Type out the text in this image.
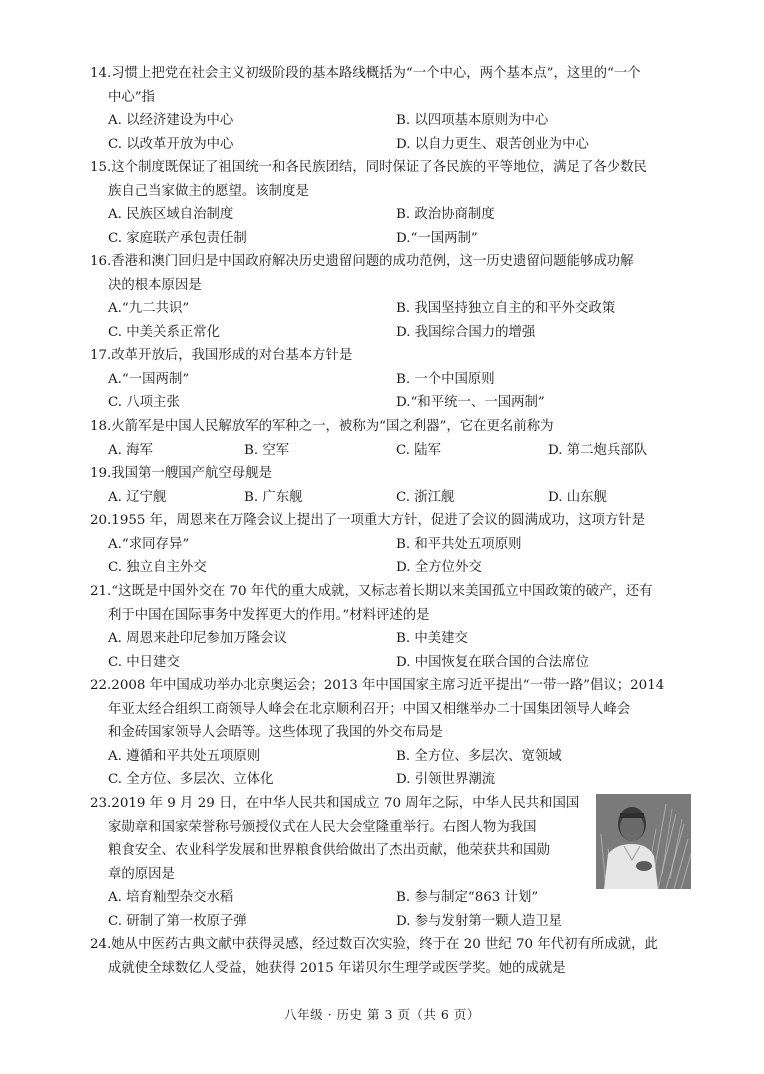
14.习惯上把党在社会主义初级阶段的基本路线概括为“一个中心，两个基本点”，这里的“一个
中心”指
A. 以经济建设为中心	B. 以四项基本原则为中心
C. 以改革开放为中心	D. 以自力更生、艰苦创业为中心
15.这个制度既保证了祖国统一和各民族团结，同时保证了各民族的平等地位，满足了各少数民
族自己当家做主的愿望。该制度是
A. 民族区域自治制度	B. 政治协商制度
C. 家庭联产承包责任制	D.“一国两制”
16.香港和澳门回归是中国政府解决历史遗留问题的成功范例，这一历史遗留问题能够成功解
决的根本原因是
A.“九二共识”	B. 我国坚持独立自主的和平外交政策
C. 中美关系正常化	D. 我国综合国力的增强
17.改革开放后，我国形成的对台基本方针是
A.“一国两制”	B. 一个中国原则
C. 八项主张	D.“和平统一、一国两制”
18.火箭军是中国人民解放军的军种之一，被称为“国之利器”，它在更名前称为
A. 海军	B. 空军	C. 陆军	D. 第二炮兵部队
19.我国第一艘国产航空母舰是
A. 辽宁舰	B. 广东舰	C. 浙江舰	D. 山东舰
20.1955 年，周恩来在万隆会议上提出了一项重大方针，促进了会议的圆满成功，这项方针是
A.“求同存异”	B. 和平共处五项原则
C. 独立自主外交	D. 全方位外交
21.“这既是中国外交在 70 年代的重大成就，又标志着长期以来美国孤立中国政策的破产，还有
利于中国在国际事务中发挥更大的作用。”材料评述的是
A. 周恩来赴印尼参加万隆会议	B. 中美建交
C. 中日建交	D. 中国恢复在联合国的合法席位
22.2008 年中国成功举办北京奥运会；2013 年中国国家主席习近平提出“一带一路”倡议；2014
年亚太经合组织工商领导人峰会在北京顺利召开；中国又相继举办二十国集团领导人峰会
和金砖国家领导人会晤等。这些体现了我国的外交布局是
A. 遵循和平共处五项原则	B. 全方位、多层次、宽领域
C. 全方位、多层次、立体化	D. 引领世界潮流
23.2019 年 9 月 29 日，在中华人民共和国成立 70 周年之际，中华人民共和国国
家勋章和国家荣誉称号颁授仪式在人民大会堂隆重举行。右图人物为我国
粮食安全、农业科学发展和世界粮食供给做出了杰出贡献，他荣获共和国勋
章的原因是
A. 培育籼型杂交水稻	B. 参与制定“863 计划”
C. 研制了第一枚原子弹	D. 参与发射第一颗人造卫星
24.她从中医药古典文献中获得灵感，经过数百次实验，终于在 20 世纪 70 年代初有所成就，此
成就使全球数亿人受益，她获得 2015 年诺贝尔生理学或医学奖。她的成就是
八年级 · 历史 第 3 页（共 6 页）
